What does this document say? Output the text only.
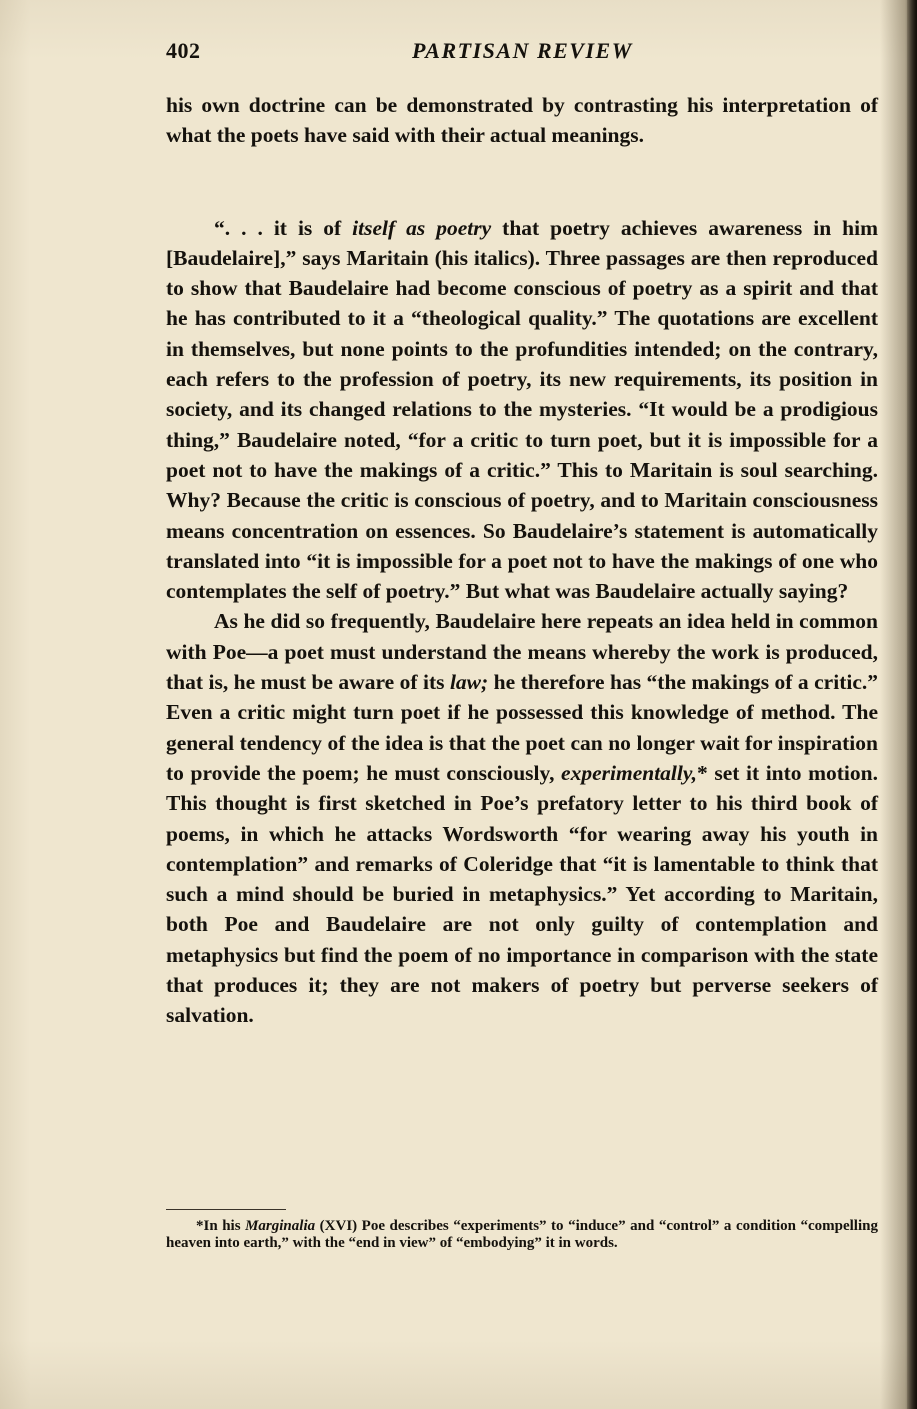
402	PARTISAN REVIEW

his own doctrine can be demonstrated by contrasting his interpretation of what the poets have said with their actual meanings.

“. . . it is of itself as poetry that poetry achieves awareness in him [Baudelaire],” says Maritain (his italics). Three passages are then reproduced to show that Baudelaire had become conscious of poetry as a spirit and that he has contributed to it a “theological quality.” The quotations are excellent in themselves, but none points to the profundities intended; on the contrary, each refers to the profession of poetry, its new requirements, its position in society, and its changed relations to the mysteries. “It would be a prodigious thing,” Baudelaire noted, “for a critic to turn poet, but it is impossible for a poet not to have the makings of a critic.” This to Maritain is soul searching. Why? Because the critic is conscious of poetry, and to Maritain consciousness means concentration on essences. So Baudelaire’s statement is automatically translated into “it is impossible for a poet not to have the makings of one who contemplates the self of poetry.” But what was Baudelaire actually saying?

As he did so frequently, Baudelaire here repeats an idea held in common with Poe—a poet must understand the means whereby the work is produced, that is, he must be aware of its law; he therefore has “the makings of a critic.” Even a critic might turn poet if he possessed this knowledge of method. The general tendency of the idea is that the poet can no longer wait for inspiration to provide the poem; he must consciously, experimentally,* set it into motion. This thought is first sketched in Poe’s prefatory letter to his third book of poems, in which he attacks Wordsworth “for wearing away his youth in contemplation” and remarks of Coleridge that “it is lamentable to think that such a mind should be buried in metaphysics.” Yet according to Maritain, both Poe and Baudelaire are not only guilty of contemplation and metaphysics but find the poem of no importance in comparison with the state that produces it; they are not makers of poetry but perverse seekers of salvation.

*In his Marginalia (XVI) Poe describes “experiments” to “induce” and “control” a condition “compelling heaven into earth,” with the “end in view” of “embodying” it in words.
